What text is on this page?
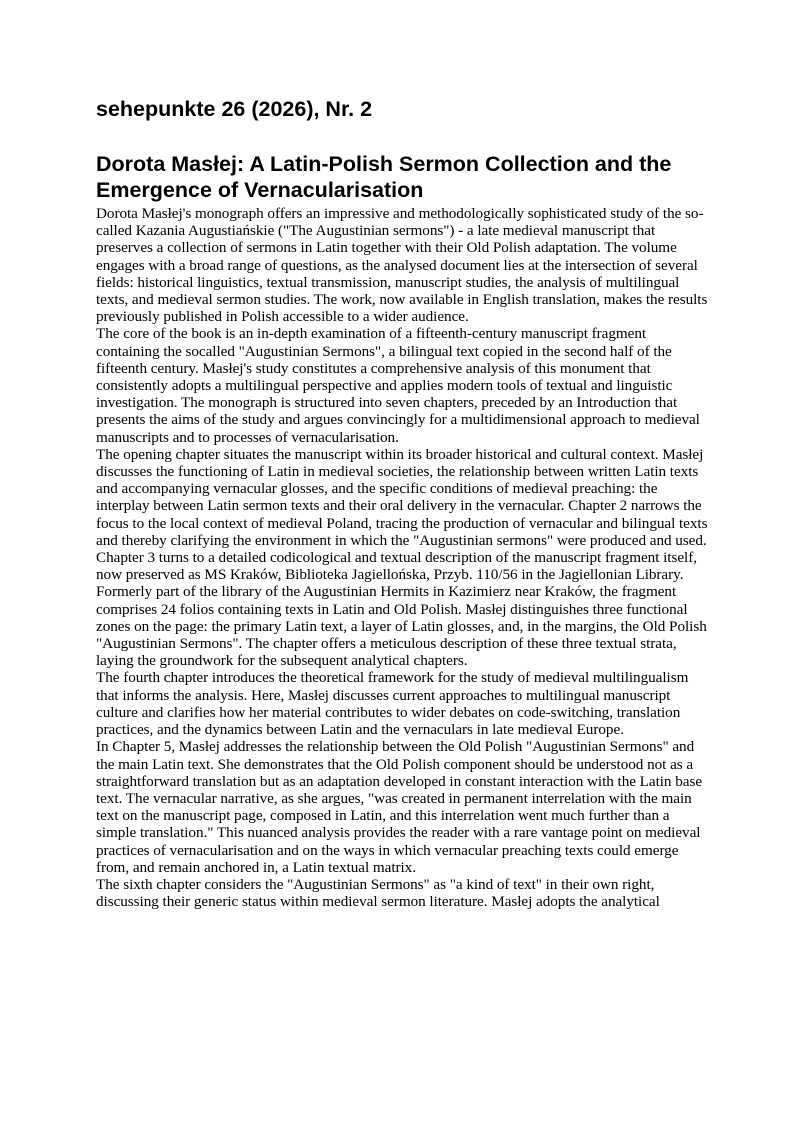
sehepunkte 26 (2026), Nr. 2
Dorota Masłej: A Latin-Polish Sermon Collection and the Emergence of Vernacularisation

Dorota Masłej's monograph offers an impressive and methodologically sophisticated study of the so-called Kazania Augustiańskie ("The Augustinian sermons") - a late medieval manuscript that preserves a collection of sermons in Latin together with their Old Polish adaptation. The volume engages with a broad range of questions, as the analysed document lies at the intersection of several fields: historical linguistics, textual transmission, manuscript studies, the analysis of multilingual texts, and medieval sermon studies. The work, now available in English translation, makes the results previously published in Polish accessible to a wider audience.

The core of the book is an in-depth examination of a fifteenth-century manuscript fragment containing the socalled "Augustinian Sermons", a bilingual text copied in the second half of the fifteenth century. Masłej's study constitutes a comprehensive analysis of this monument that consistently adopts a multilingual perspective and applies modern tools of textual and linguistic investigation. The monograph is structured into seven chapters, preceded by an Introduction that presents the aims of the study and argues convincingly for a multidimensional approach to medieval manuscripts and to processes of vernacularisation.

The opening chapter situates the manuscript within its broader historical and cultural context. Masłej discusses the functioning of Latin in medieval societies, the relationship between written Latin texts and accompanying vernacular glosses, and the specific conditions of medieval preaching: the interplay between Latin sermon texts and their oral delivery in the vernacular. Chapter 2 narrows the focus to the local context of medieval Poland, tracing the production of vernacular and bilingual texts and thereby clarifying the environment in which the "Augustinian sermons" were produced and used.

Chapter 3 turns to a detailed codicological and textual description of the manuscript fragment itself, now preserved as MS Kraków, Biblioteka Jagiellońska, Przyb. 110/56 in the Jagiellonian Library. Formerly part of the library of the Augustinian Hermits in Kazimierz near Kraków, the fragment comprises 24 folios containing texts in Latin and Old Polish. Masłej distinguishes three functional zones on the page: the primary Latin text, a layer of Latin glosses, and, in the margins, the Old Polish "Augustinian Sermons". The chapter offers a meticulous description of these three textual strata, laying the groundwork for the subsequent analytical chapters.

The fourth chapter introduces the theoretical framework for the study of medieval multilingualism that informs the analysis. Here, Masłej discusses current approaches to multilingual manuscript culture and clarifies how her material contributes to wider debates on code-switching, translation practices, and the dynamics between Latin and the vernaculars in late medieval Europe.

In Chapter 5, Masłej addresses the relationship between the Old Polish "Augustinian Sermons" and the main Latin text. She demonstrates that the Old Polish component should be understood not as a straightforward translation but as an adaptation developed in constant interaction with the Latin base text. The vernacular narrative, as she argues, "was created in permanent interrelation with the main text on the manuscript page, composed in Latin, and this interrelation went much further than a simple translation." This nuanced analysis provides the reader with a rare vantage point on medieval practices of vernacularisation and on the ways in which vernacular preaching texts could emerge from, and remain anchored in, a Latin textual matrix.

The sixth chapter considers the "Augustinian Sermons" as "a kind of text" in their own right, discussing their generic status within medieval sermon literature. Masłej adopts the analytical
